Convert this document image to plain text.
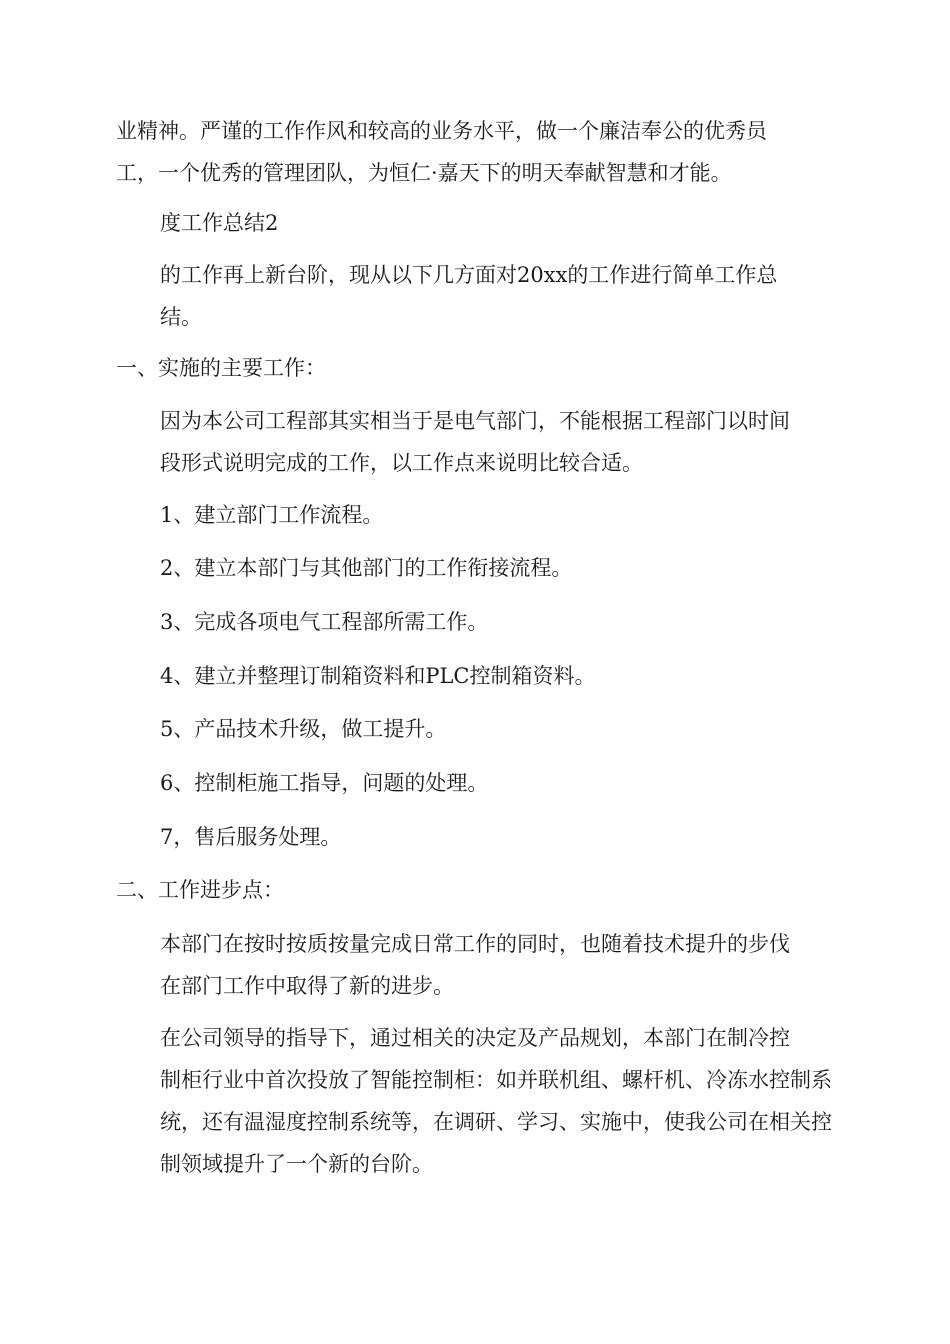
业精神。严谨的工作作风和较高的业务水平，做一个廉洁奉公的优秀员
工，一个优秀的管理团队，为恒仁·嘉天下的明天奉献智慧和才能。

度工作总结2

的工作再上新台阶，现从以下几方面对20xx的工作进行简单工作总
结。

一、实施的主要工作：

因为本公司工程部其实相当于是电气部门，不能根据工程部门以时间
段形式说明完成的工作，以工作点来说明比较合适。

1、建立部门工作流程。

2、建立本部门与其他部门的工作衔接流程。

3、完成各项电气工程部所需工作。

4、建立并整理订制箱资料和PLC控制箱资料。

5、产品技术升级，做工提升。

6、控制柜施工指导，问题的处理。

7，售后服务处理。

二、工作进步点：

本部门在按时按质按量完成日常工作的同时，也随着技术提升的步伐
在部门工作中取得了新的进步。

在公司领导的指导下，通过相关的决定及产品规划，本部门在制冷控
制柜行业中首次投放了智能控制柜：如并联机组、螺杆机、冷冻水控制系
统，还有温湿度控制系统等，在调研、学习、实施中，使我公司在相关控
制领域提升了一个新的台阶。
